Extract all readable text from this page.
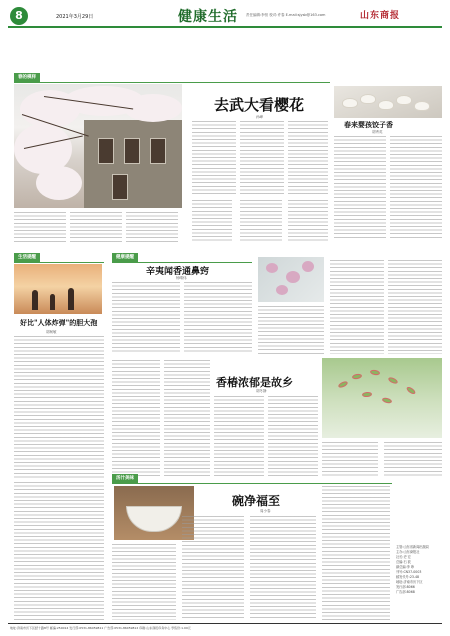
8	2021年3月29日	健康生活 责任编辑:李恒 校对:许春 E-mail:sjysb@163.com	山东商报
春的模样
去武大看樱花
孙峰
春来婴孩饺子香
胡秀英
生活提醒
好比"人体炸弹"的胆大孢
胡柯敏
健康提醒
辛夷闻香通鼻窍
杨晴伟
香椿浓郁是故乡
胡冬静
汤汁美味
碗净福至
周小春
主管:山东省新闻出版局
主办:山东商报社
社长:史 宏
总编:石 波
副总编:李 珍
刊号:CN37-0003
邮发代号:23-48
地址:济南市历下区
发行部:8066
广告部:8068
地址:济南市历下区经十路8号 邮编:250014 发行部:0531-86059811 广告部:0531-86059812 印刷:山东商报印务中心 零售价:1.00元
